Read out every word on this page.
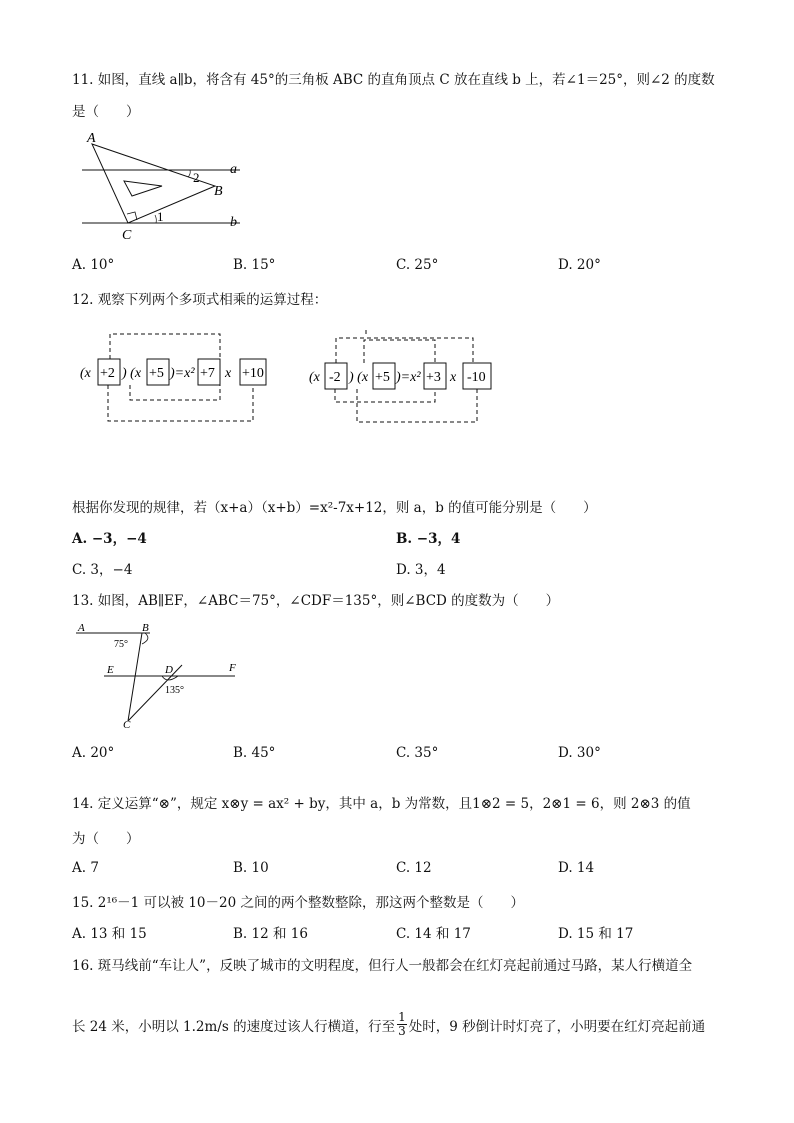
11. 如图，直线 a∥b，将含有 45°的三角板 ABC 的直角顶点 C 放在直线 b 上，若∠1＝25°，则∠2 的度数
是（　　）
A
B
C
a
b
1
2
A. 10°	B. 15°	C. 25°	D. 20°
12. 观察下列两个多项式相乘的运算过程：
(x +2 ) (x +5 )=x² +7 x +10	(x -2 ) (x +5 )=x² +3 x -10
根据你发现的规律，若（x+a）（x+b）=x²-7x+12，则 a，b 的值可能分别是（　　）
A. −3，−4	B. −3，4
C. 3，−4	D. 3，4
13. 如图，AB∥EF，∠ABC＝75°，∠CDF＝135°，则∠BCD 的度数为（　　）
A	B
E	D	F
C
75°
135°
A. 20°	B. 45°	C. 35°	D. 30°
14. 定义运算“⊗”，规定 x⊗y = ax² + by，其中 a，b 为常数，且1⊗2 = 5，2⊗1 = 6，则 2⊗3 的值
为（　　）
A. 7	B. 10	C. 12	D. 14
15. 2¹⁶－1 可以被 10－20 之间的两个整数整除，那这两个整数是（　　）
A. 13 和 15	B. 12 和 16	C. 14 和 17	D. 15 和 17
16. 斑马线前“车让人”，反映了城市的文明程度，但行人一般都会在红灯亮起前通过马路，某人行横道全
长 24 米，小明以 1.2m/s 的速度过该人行横道，行至 $\frac{1}{3}$ 处时，9 秒倒计时灯亮了，小明要在红灯亮起前通
